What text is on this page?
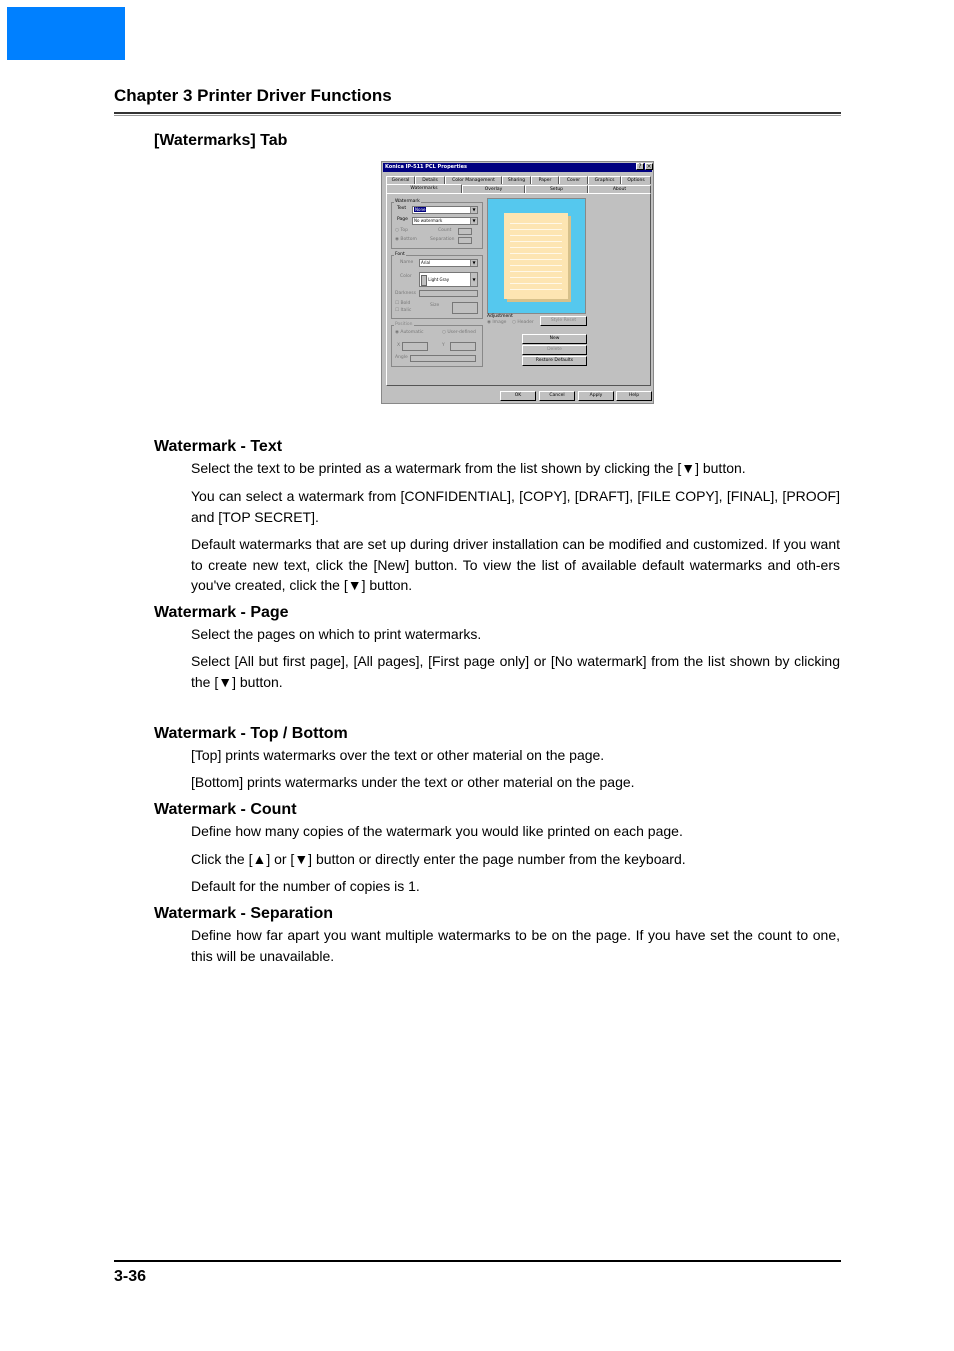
Chapter 3 Printer Driver Functions
[Watermarks] Tab
Konica IP-511 PCL Properties	? ×
General	Details	Color Management	Sharing	Paper	Cover	Graphics	Options
Watermarks	Overlay	Setup	About
Watermark
Text	None	▼
Page	No watermark	▼
○ Top
◉ Bottom
Count
Separation
Font
Name	Arial	▼
Color
Light Gray	▼
Darkness
☐ Bold
☐ Italic
Size
Position
◉ Automatic	○ User-defined
X	Y
Angle
Adjustment
◉ Image ○ Header	Style Reset
New
Delete
Restore Defaults
OK	Cancel	Apply	Help
Watermark - Text

Select the text to be printed as a watermark from the list shown by clicking the [▼] button.

You can select a watermark from [CONFIDENTIAL], [COPY], [DRAFT], [FILE COPY], [FINAL], [PROOF] and [TOP SECRET].

Default watermarks that are set up during driver installation can be modified and customized. If you want to create new text, click the [New] button. To view the list of available default watermarks and oth-ers you've created, click the [▼] button.

Watermark - Page

Select the pages on which to print watermarks.

Select [All but first page], [All pages], [First page only] or [No watermark] from the list shown by clicking the [▼] button.

Watermark - Top / Bottom

[Top] prints watermarks over the text or other material on the page.

[Bottom] prints watermarks under the text or other material on the page.

Watermark - Count

Define how many copies of the watermark you would like printed on each page.

Click the [▲] or [▼] button or directly enter the page number from the keyboard.

Default for the number of copies is 1.

Watermark - Separation

Define how far apart you want multiple watermarks to be on the page. If you have set the count to one, this will be unavailable.

3-36
